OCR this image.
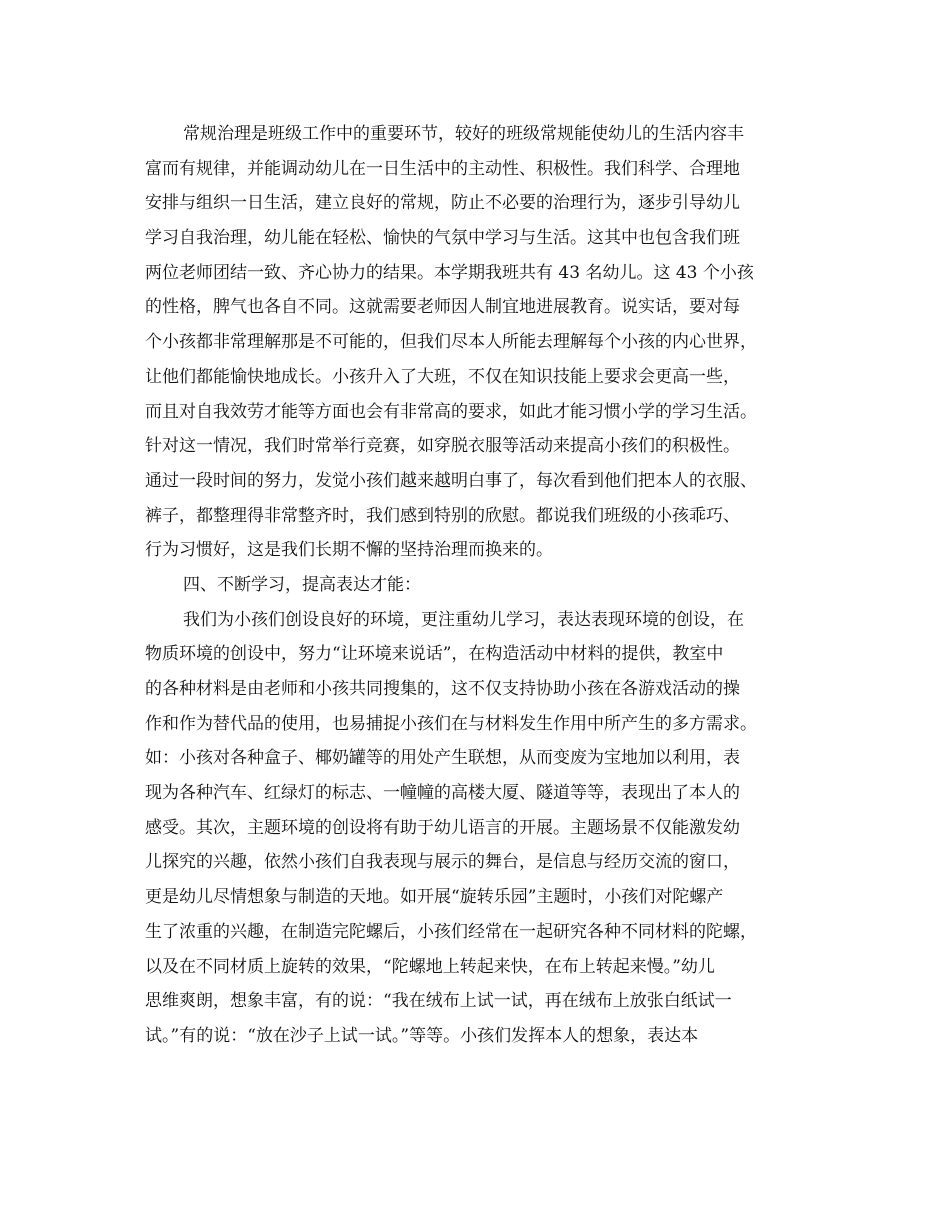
常规治理是班级工作中的重要环节，较好的班级常规能使幼儿的生活内容丰
富而有规律，并能调动幼儿在一日生活中的主动性、积极性。我们科学、合理地
安排与组织一日生活，建立良好的常规，防止不必要的治理行为，逐步引导幼儿
学习自我治理，幼儿能在轻松、愉快的气氛中学习与生活。这其中也包含我们班
两位老师团结一致、齐心协力的结果。本学期我班共有 43 名幼儿。这 43 个小孩
的性格，脾气也各自不同。这就需要老师因人制宜地进展教育。说实话，要对每
个小孩都非常理解那是不可能的，但我们尽本人所能去理解每个小孩的内心世界，
让他们都能愉快地成长。小孩升入了大班，不仅在知识技能上要求会更高一些，
而且对自我效劳才能等方面也会有非常高的要求，如此才能习惯小学的学习生活。
针对这一情况，我们时常举行竞赛，如穿脱衣服等活动来提高小孩们的积极性。
通过一段时间的努力，发觉小孩们越来越明白事了，每次看到他们把本人的衣服、
裤子，都整理得非常整齐时，我们感到特别的欣慰。都说我们班级的小孩乖巧、
行为习惯好，这是我们长期不懈的坚持治理而换来的。
四、不断学习，提高表达才能：
我们为小孩们创设良好的环境，更注重幼儿学习，表达表现环境的创设，在
物质环境的创设中，努力“让环境来说话”，在构造活动中材料的提供，教室中
的各种材料是由老师和小孩共同搜集的，这不仅支持协助小孩在各游戏活动的操
作和作为替代品的使用，也易捕捉小孩们在与材料发生作用中所产生的多方需求。
如：小孩对各种盒子、椰奶罐等的用处产生联想，从而变废为宝地加以利用，表
现为各种汽车、红绿灯的标志、一幢幢的高楼大厦、隧道等等，表现出了本人的
感受。其次，主题环境的创设将有助于幼儿语言的开展。主题场景不仅能激发幼
儿探究的兴趣，依然小孩们自我表现与展示的舞台，是信息与经历交流的窗口，
更是幼儿尽情想象与制造的天地。如开展“旋转乐园”主题时，小孩们对陀螺产
生了浓重的兴趣，在制造完陀螺后，小孩们经常在一起研究各种不同材料的陀螺，
以及在不同材质上旋转的效果，“陀螺地上转起来快，在布上转起来慢。”幼儿
思维爽朗，想象丰富，有的说：“我在绒布上试一试，再在绒布上放张白纸试一
试。”有的说：“放在沙子上试一试。”等等。小孩们发挥本人的想象，表达本
